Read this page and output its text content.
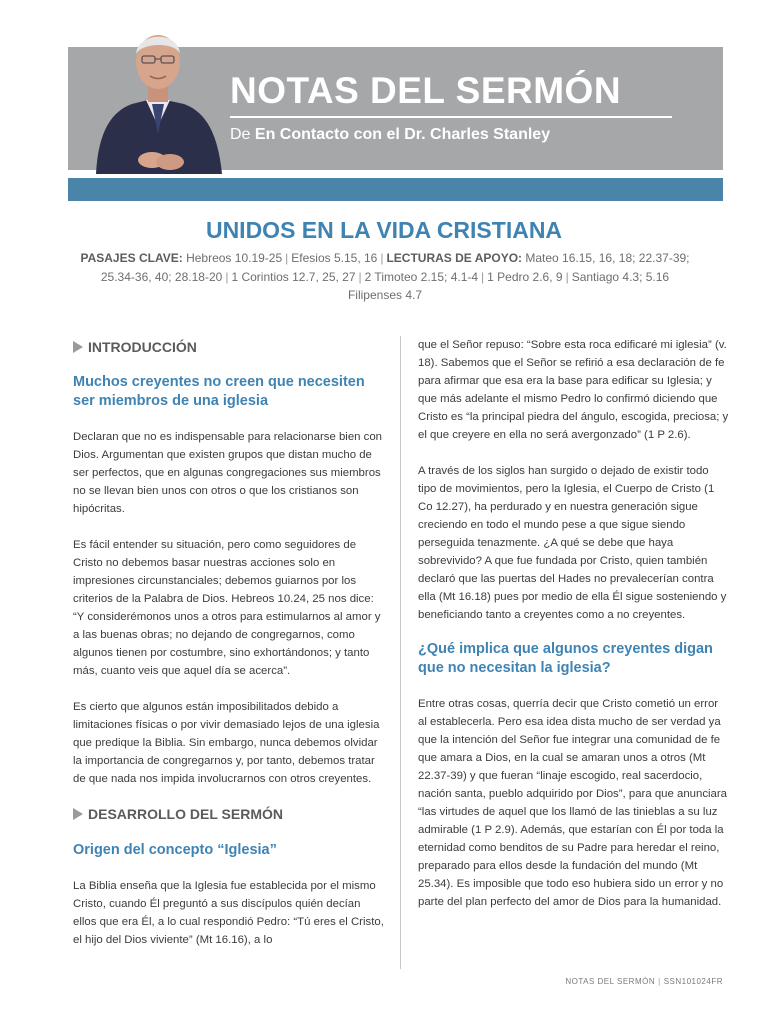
NOTAS DEL SERMÓN
De En Contacto con el Dr. Charles Stanley
UNIDOS EN LA VIDA CRISTIANA
PASAJES CLAVE: Hebreos 10.19-25 | Efesios 5.15, 16 | LECTURAS DE APOYO: Mateo 16.15, 16, 18; 22.37-39;
25.34-36, 40; 28.18-20 | 1 Corintios 12.7, 25, 27 | 2 Timoteo 2.15; 4.1-4 | 1 Pedro 2.6, 9 | Santiago 4.3; 5.16
Filipenses 4.7
INTRODUCCIÓN
Muchos creyentes no creen que necesiten ser miembros de una iglesia
Declaran que no es indispensable para relacionarse bien con Dios. Argumentan que existen grupos que distan mucho de ser perfectos, que en algunas congregaciones sus miembros no se llevan bien unos con otros o que los cristianos son hipócritas.
Es fácil entender su situación, pero como seguidores de Cristo no debemos basar nuestras acciones solo en impresiones circunstanciales; debemos guiarnos por los criterios de la Palabra de Dios. Hebreos 10.24, 25 nos dice: “Y considerémonos unos a otros para estimularnos al amor y a las buenas obras; no dejando de congregarnos, como algunos tienen por costumbre, sino exhortándonos; y tanto más, cuanto veis que aquel día se acerca”.
Es cierto que algunos están imposibilitados debido a limitaciones físicas o por vivir demasiado lejos de una iglesia que predique la Biblia. Sin embargo, nunca debemos olvidar la importancia de congregarnos y, por tanto, debemos tratar de que nada nos impida involucrarnos con otros creyentes.
DESARROLLO DEL SERMÓN
Origen del concepto “Iglesia”
La Biblia enseña que la Iglesia fue establecida por el mismo Cristo, cuando Él preguntó a sus discípulos quién decían ellos que era Él, a lo cual respondió Pedro: “Tú eres el Cristo, el hijo del Dios viviente” (Mt 16.16), a lo
que el Señor repuso: “Sobre esta roca edificaré mi iglesia” (v. 18). Sabemos que el Señor se refirió a esa declaración de fe para afirmar que esa era la base para edificar su Iglesia; y que más adelante el mismo Pedro lo confirmó diciendo que Cristo es “la principal piedra del ángulo, escogida, preciosa; y el que creyere en ella no será avergonzado” (1 P 2.6).
A través de los siglos han surgido o dejado de existir todo tipo de movimientos, pero la Iglesia, el Cuerpo de Cristo (1 Co 12.27), ha perdurado y en nuestra generación sigue creciendo en todo el mundo pese a que sigue siendo perseguida tenazmente. ¿A qué se debe que haya sobrevivido? A que fue fundada por Cristo, quien también declaró que las puertas del Hades no prevalecerían contra ella (Mt 16.18) pues por medio de ella Él sigue sosteniendo y beneficiando tanto a creyentes como a no creyentes.
¿Qué implica que algunos creyentes digan que no necesitan la iglesia?
Entre otras cosas, querría decir que Cristo cometió un error al establecerla. Pero esa idea dista mucho de ser verdad ya que la intención del Señor fue integrar una comunidad de fe que amara a Dios, en la cual se amaran unos a otros (Mt 22.37-39) y que fueran “linaje escogido, real sacerdocio, nación santa, pueblo adquirido por Dios”, para que anunciara “las virtudes de aquel que los llamó de las tinieblas a su luz admirable (1 P 2.9). Además, que estarían con Él por toda la eternidad como benditos de su Padre para heredar el reino, preparado para ellos desde la fundación del mundo (Mt 25.34). Es imposible que todo eso hubiera sido un error y no parte del plan perfecto del amor de Dios para la humanidad.
NOTAS DEL SERMÓN | SSN101024FR
